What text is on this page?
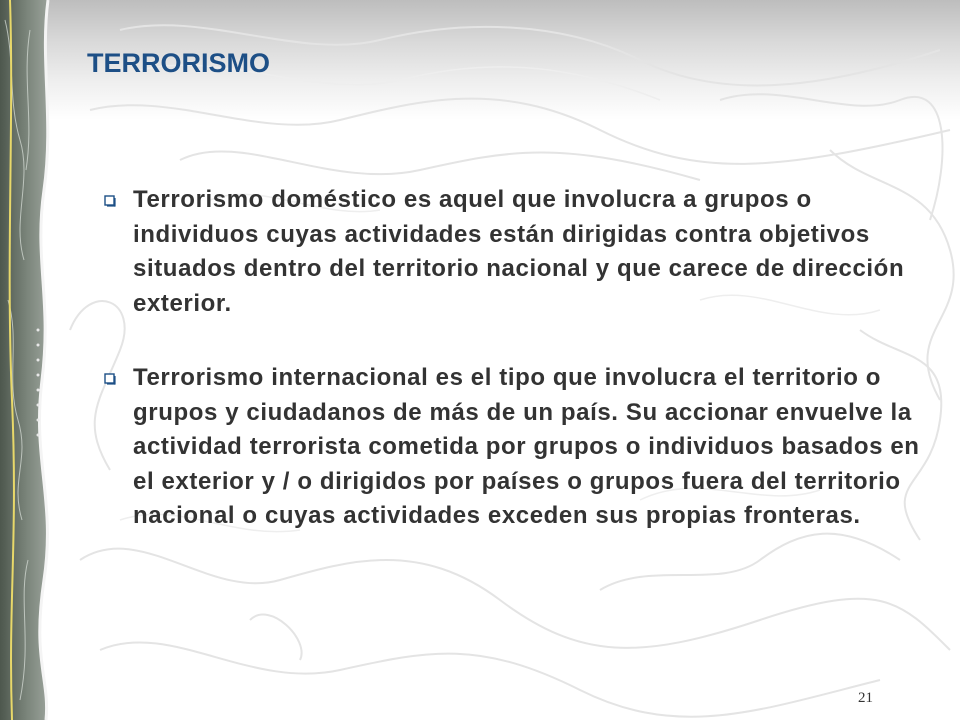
TERRORISMO

Terrorismo doméstico es aquel que involucra a grupos o individuos cuyas actividades están dirigidas contra objetivos situados dentro del territorio nacional y que carece de dirección exterior.

Terrorismo internacional es el tipo que involucra el territorio o grupos y ciudadanos de más de un país. Su accionar envuelve la actividad terrorista cometida por grupos o individuos basados en el exterior y / o dirigidos por países o grupos fuera del territorio nacional o cuyas actividades exceden sus propias fronteras.

21
